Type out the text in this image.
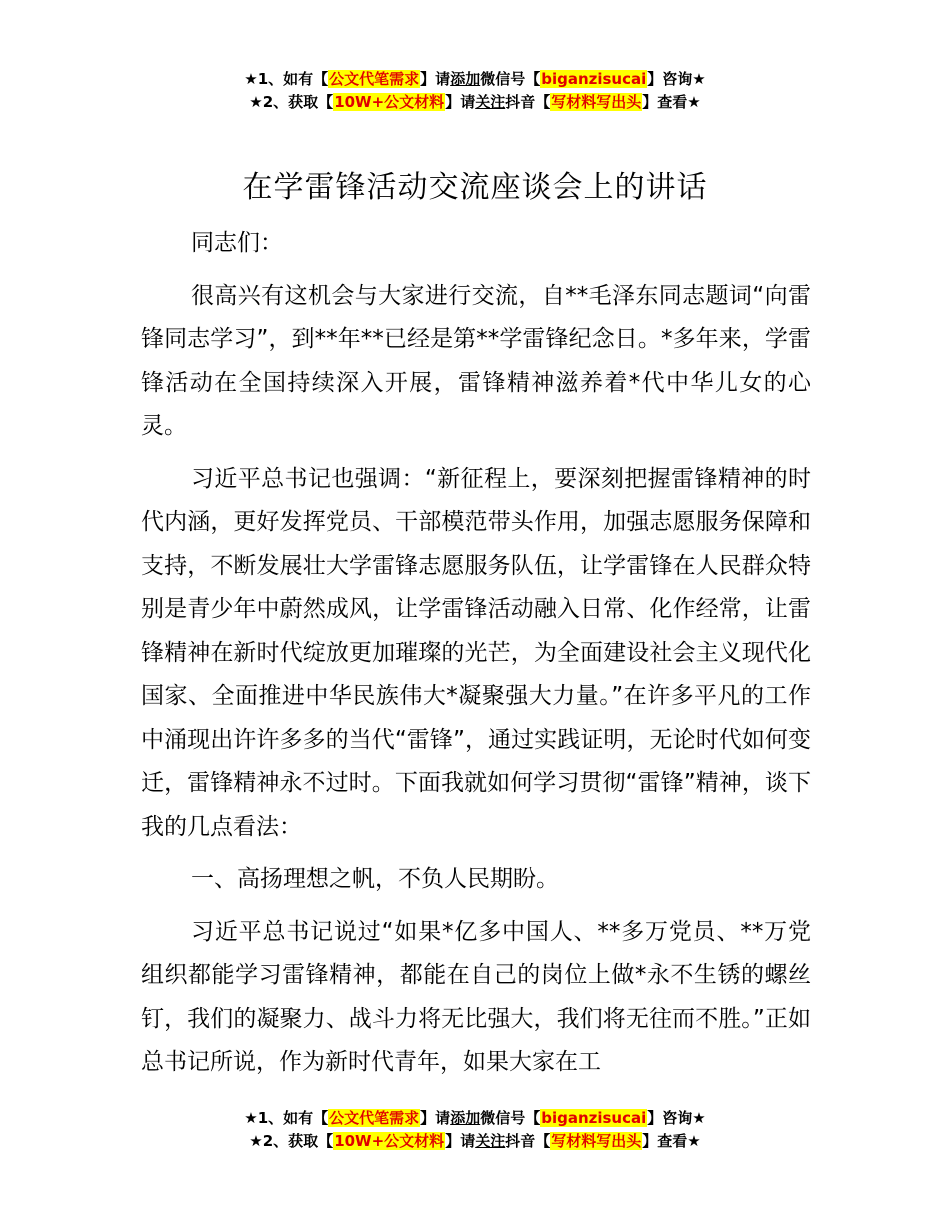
★1、如有【公文代笔需求】请添加微信号【biganzisucai】咨询★
★2、获取【10W+公文材料】请关注抖音【写材料写出头】查看★
在学雷锋活动交流座谈会上的讲话

同志们：

很高兴有这机会与大家进行交流，自**毛泽东同志题词“向雷锋同志学习”，到**年**已经是第**学雷锋纪念日。*多年来，学雷锋活动在全国持续深入开展，雷锋精神滋养着*代中华儿女的心灵。

习近平总书记也强调：“新征程上，要深刻把握雷锋精神的时代内涵，更好发挥党员、干部模范带头作用，加强志愿服务保障和支持，不断发展壮大学雷锋志愿服务队伍，让学雷锋在人民群众特别是青少年中蔚然成风，让学雷锋活动融入日常、化作经常，让雷锋精神在新时代绽放更加璀璨的光芒，为全面建设社会主义现代化国家、全面推进中华民族伟大*凝聚强大力量。”在许多平凡的工作中涌现出许许多多的当代“雷锋”，通过实践证明，无论时代如何变迁，雷锋精神永不过时。下面我就如何学习贯彻“雷锋”精神，谈下我的几点看法：

一、高扬理想之帆，不负人民期盼。

习近平总书记说过“如果*亿多中国人、**多万党员、**万党组织都能学习雷锋精神，都能在自己的岗位上做*永不生锈的螺丝钉，我们的凝聚力、战斗力将无比强大，我们将无往而不胜。”正如总书记所说，作为新时代青年，如果大家在工

★1、如有【公文代笔需求】请添加微信号【biganzisucai】咨询★
★2、获取【10W+公文材料】请关注抖音【写材料写出头】查看★
